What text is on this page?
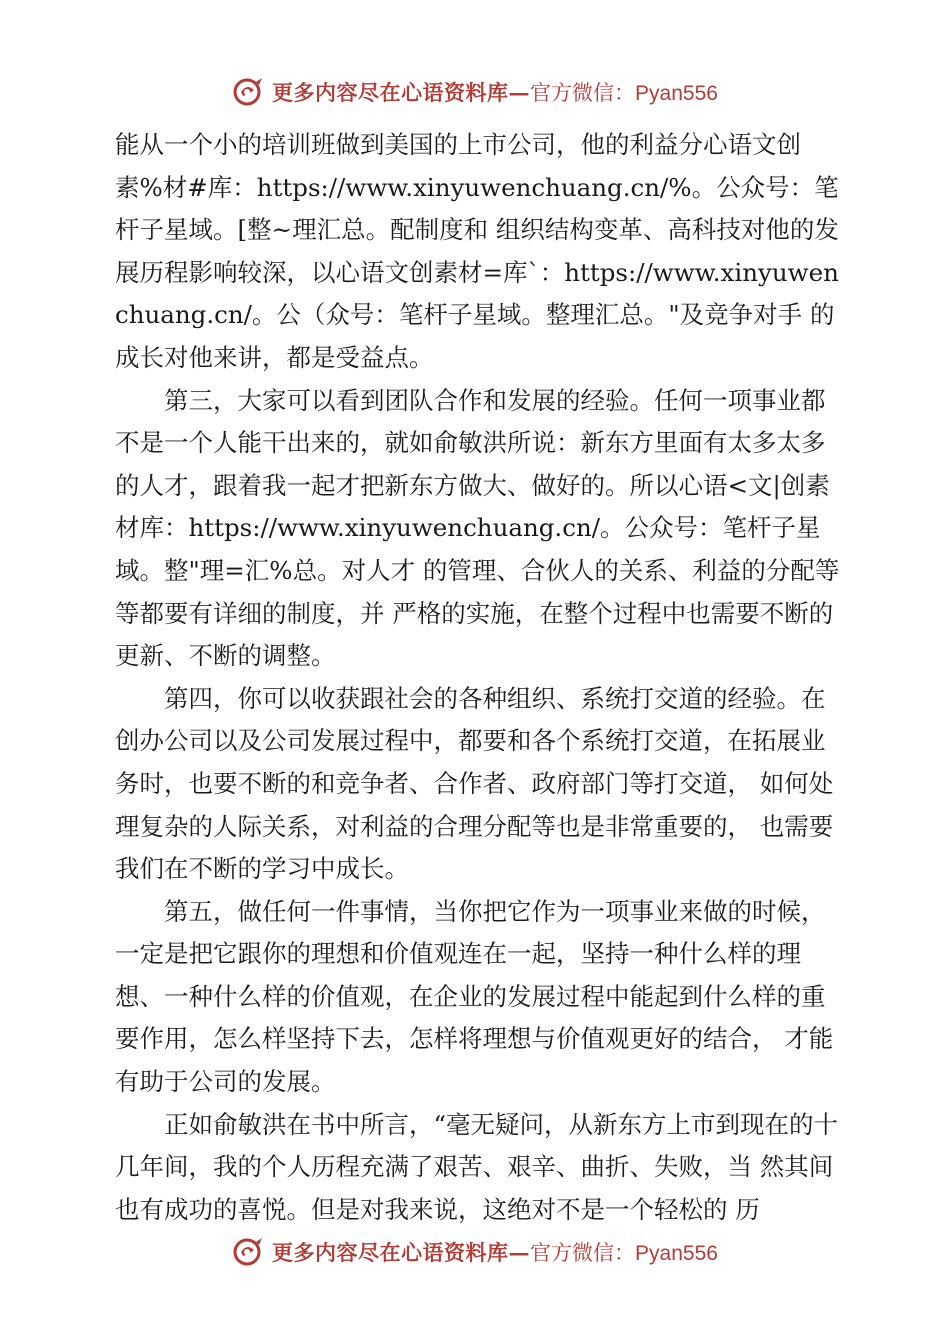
更多内容尽在心语资料库— 官方微信：Pyan556

能从一个小的培训班做到美国的上市公司，他的利益分心语文创素%材#库：https://www.xinyuwenchuang.cn/%。公众号：笔杆子星域。[整~理汇总。配制度和 组织结构变革、高科技对他的发展历程影响较深，以心语文创素材=库`：https://www.xinyuwenchuang.cn/。公（众号：笔杆子星域。整理汇总。"及竞争对手 的成长对他来讲，都是受益点。

第三，大家可以看到团队合作和发展的经验。任何一项事业都不是一个人能干出来的，就如俞敏洪所说：新东方里面有太多太多的人才，跟着我一起才把新东方做大、做好的。所以心语<文|创素材库：https://www.xinyuwenchuang.cn/。公众号：笔杆子星域。整"理=汇%总。对人才 的管理、合伙人的关系、利益的分配等等都要有详细的制度，并 严格的实施，在整个过程中也需要不断的更新、不断的调整。

第四，你可以收获跟社会的各种组织、系统打交道的经验。在创办公司以及公司发展过程中，都要和各个系统打交道，在拓展业务时，也要不断的和竞争者、合作者、政府部门等打交道， 如何处理复杂的人际关系，对利益的合理分配等也是非常重要的， 也需要我们在不断的学习中成长。

第五，做任何一件事情，当你把它作为一项事业来做的时候，一定是把它跟你的理想和价值观连在一起，坚持一种什么样的理想、一种什么样的价值观，在企业的发展过程中能起到什么样的重要作用，怎么样坚持下去，怎样将理想与价值观更好的结合， 才能有助于公司的发展。

正如俞敏洪在书中所言，“毫无疑问，从新东方上市到现在的十几年间，我的个人历程充满了艰苦、艰辛、曲折、失败，当 然其间也有成功的喜悦。但是对我来说，这绝对不是一个轻松的 历

更多内容尽在心语资料库— 官方微信：Pyan556
